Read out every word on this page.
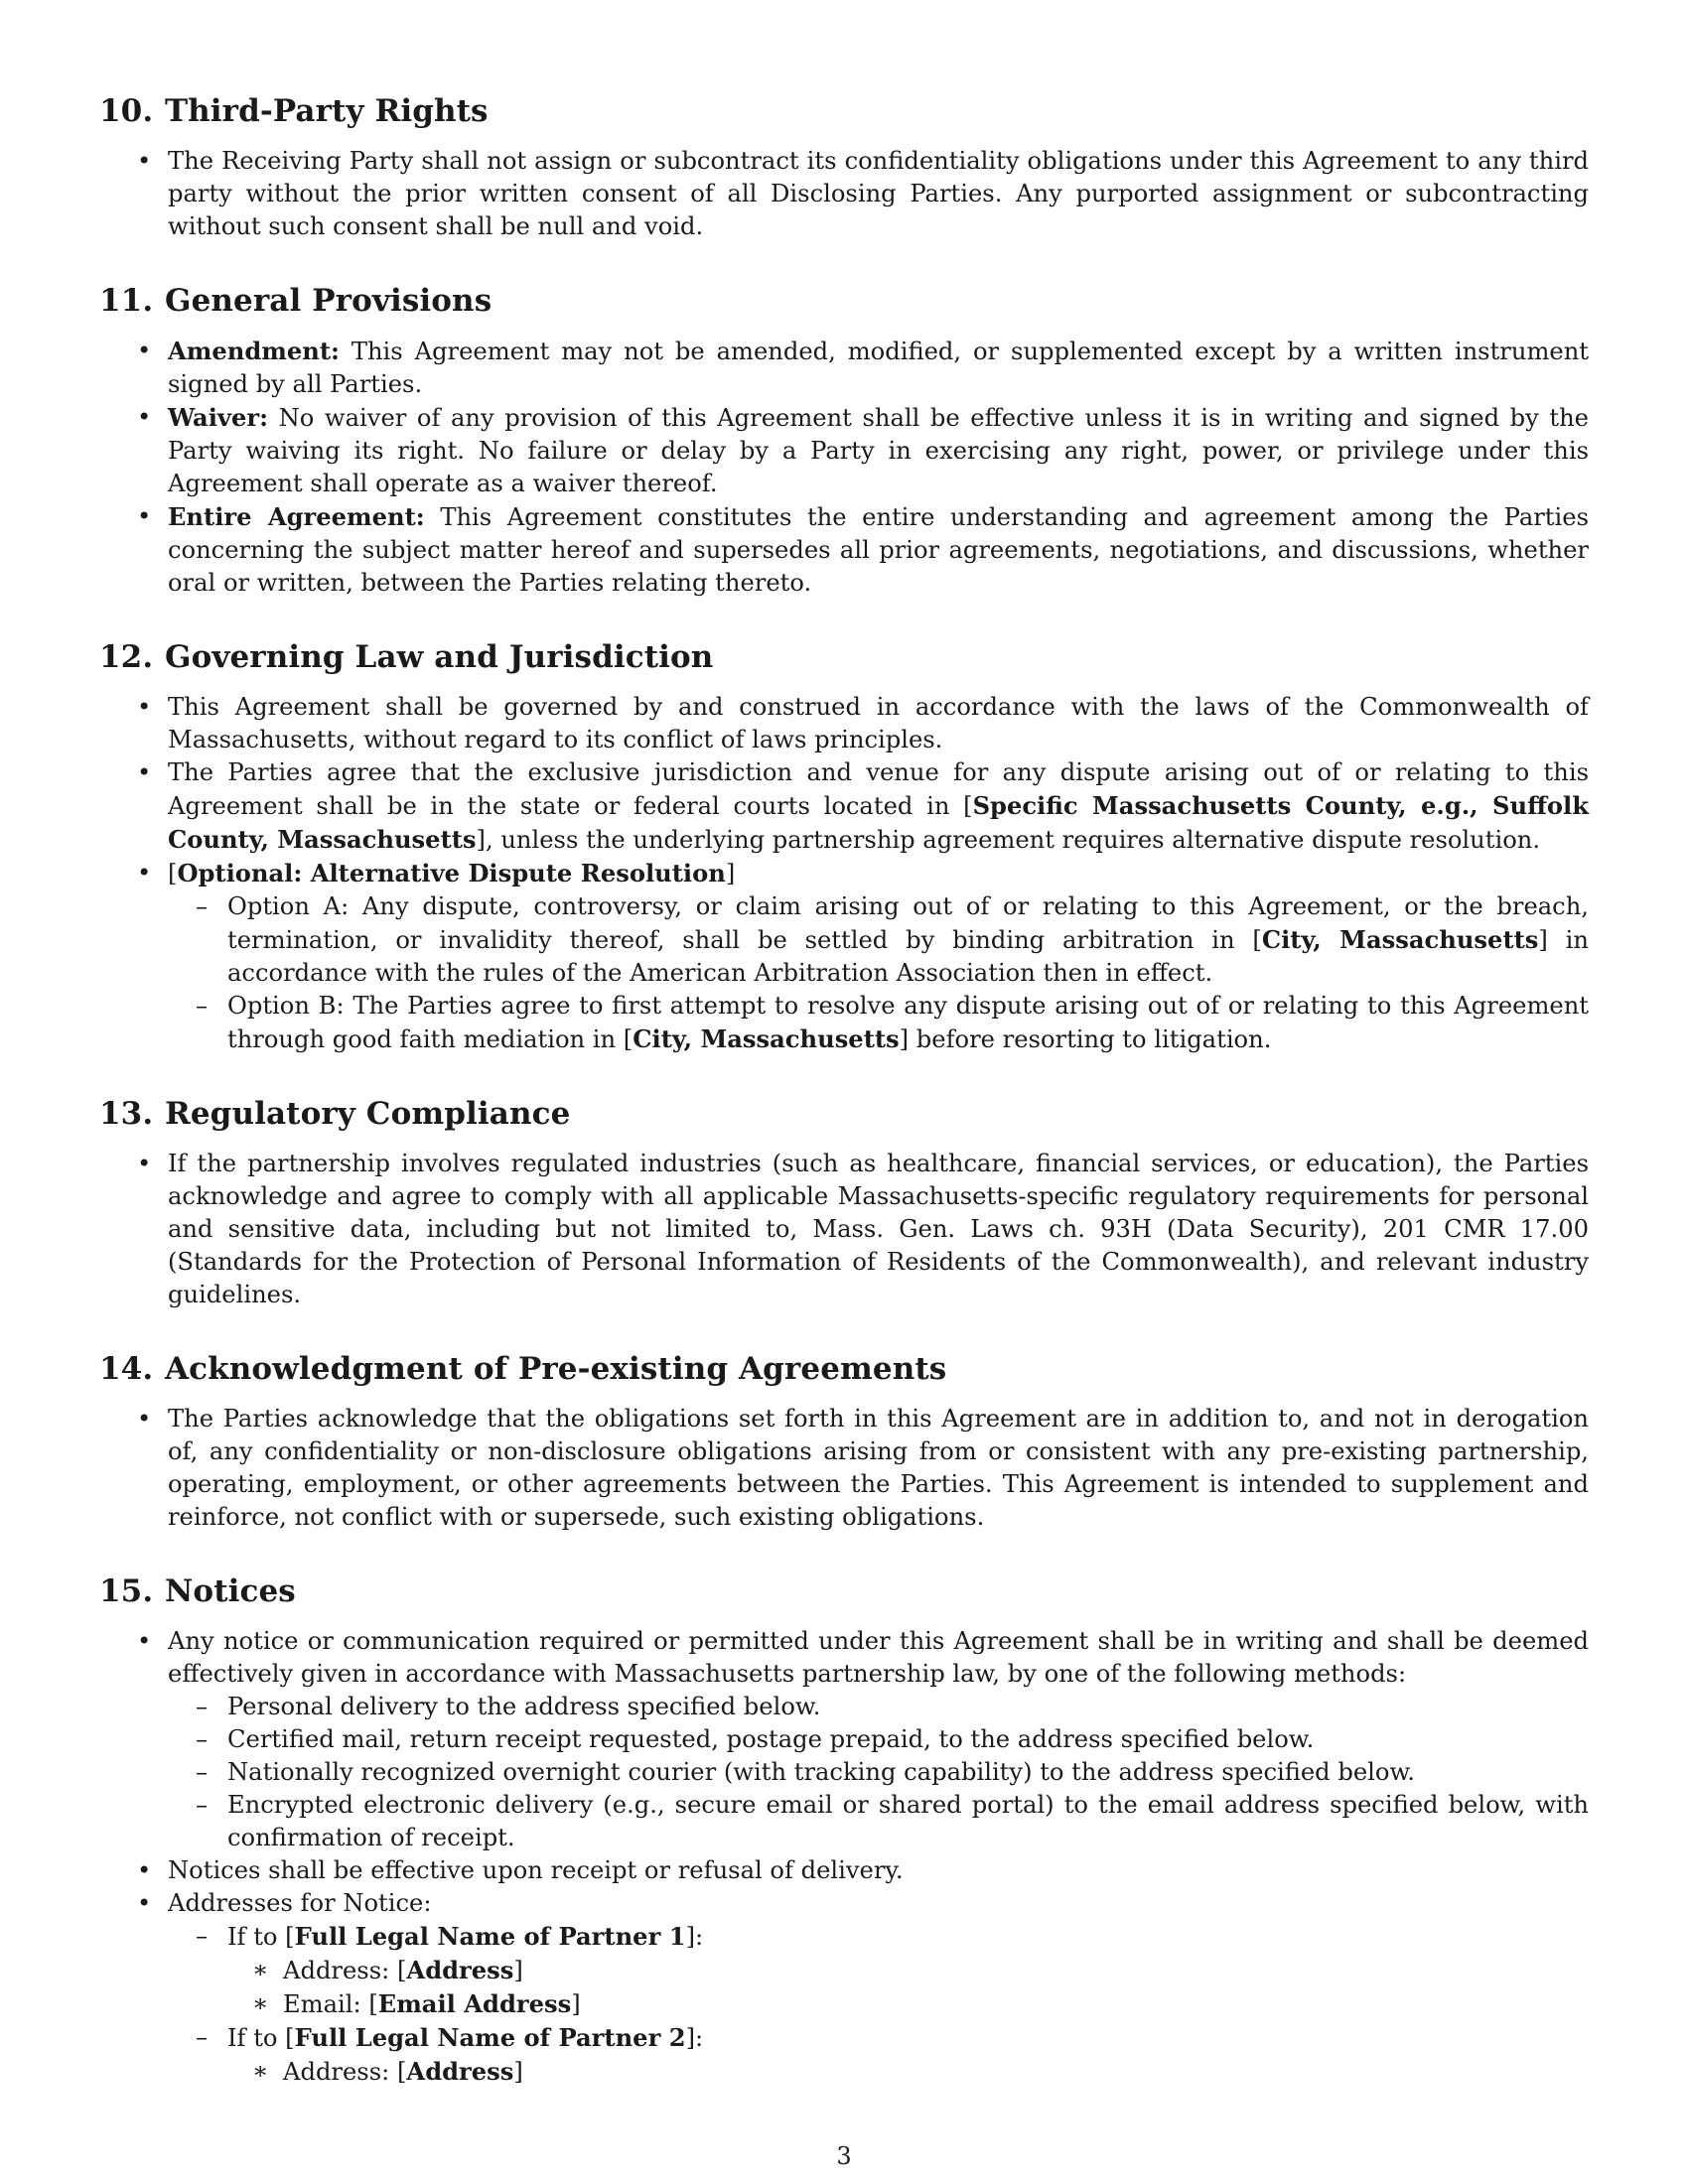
10. Third-Party Rights
• The Receiving Party shall not assign or subcontract its confidentiality obligations under this Agreement to any third party without the prior written consent of all Disclosing Parties. Any purported assignment or subcontracting without such consent shall be null and void.
11. General Provisions
• Amendment: This Agreement may not be amended, modified, or supplemented except by a written instrument signed by all Parties.
• Waiver: No waiver of any provision of this Agreement shall be effective unless it is in writing and signed by the Party waiving its right. No failure or delay by a Party in exercising any right, power, or privilege under this Agreement shall operate as a waiver thereof.
• Entire Agreement: This Agreement constitutes the entire understanding and agreement among the Parties concerning the subject matter hereof and supersedes all prior agreements, negotiations, and discussions, whether oral or written, between the Parties relating thereto.
12. Governing Law and Jurisdiction
• This Agreement shall be governed by and construed in accordance with the laws of the Commonwealth of Massachusetts, without regard to its conflict of laws principles.
• The Parties agree that the exclusive jurisdiction and venue for any dispute arising out of or relating to this Agreement shall be in the state or federal courts located in [Specific Massachusetts County, e.g., Suffolk County, Massachusetts], unless the underlying partnership agreement requires alternative dispute resolution.
• [Optional: Alternative Dispute Resolution]
– Option A: Any dispute, controversy, or claim arising out of or relating to this Agreement, or the breach, termination, or invalidity thereof, shall be settled by binding arbitration in [City, Massachusetts] in accordance with the rules of the American Arbitration Association then in effect.
– Option B: The Parties agree to first attempt to resolve any dispute arising out of or relating to this Agreement through good faith mediation in [City, Massachusetts] before resorting to litigation.
13. Regulatory Compliance
• If the partnership involves regulated industries (such as healthcare, financial services, or education), the Parties acknowledge and agree to comply with all applicable Massachusetts-specific regulatory requirements for personal and sensitive data, including but not limited to, Mass. Gen. Laws ch. 93H (Data Security), 201 CMR 17.00 (Standards for the Protection of Personal Information of Residents of the Commonwealth), and relevant industry guidelines.
14. Acknowledgment of Pre-existing Agreements
• The Parties acknowledge that the obligations set forth in this Agreement are in addition to, and not in derogation of, any confidentiality or non-disclosure obligations arising from or consistent with any pre-existing partnership, operating, employment, or other agreements between the Parties. This Agreement is intended to supplement and reinforce, not conflict with or supersede, such existing obligations.
15. Notices
• Any notice or communication required or permitted under this Agreement shall be in writing and shall be deemed effectively given in accordance with Massachusetts partnership law, by one of the following methods:
– Personal delivery to the address specified below.
– Certified mail, return receipt requested, postage prepaid, to the address specified below.
– Nationally recognized overnight courier (with tracking capability) to the address specified below.
– Encrypted electronic delivery (e.g., secure email or shared portal) to the email address specified below, with confirmation of receipt.
• Notices shall be effective upon receipt or refusal of delivery.
• Addresses for Notice:
– If to [Full Legal Name of Partner 1]:
∗ Address: [Address]
∗ Email: [Email Address]
– If to [Full Legal Name of Partner 2]:
∗ Address: [Address]
3
